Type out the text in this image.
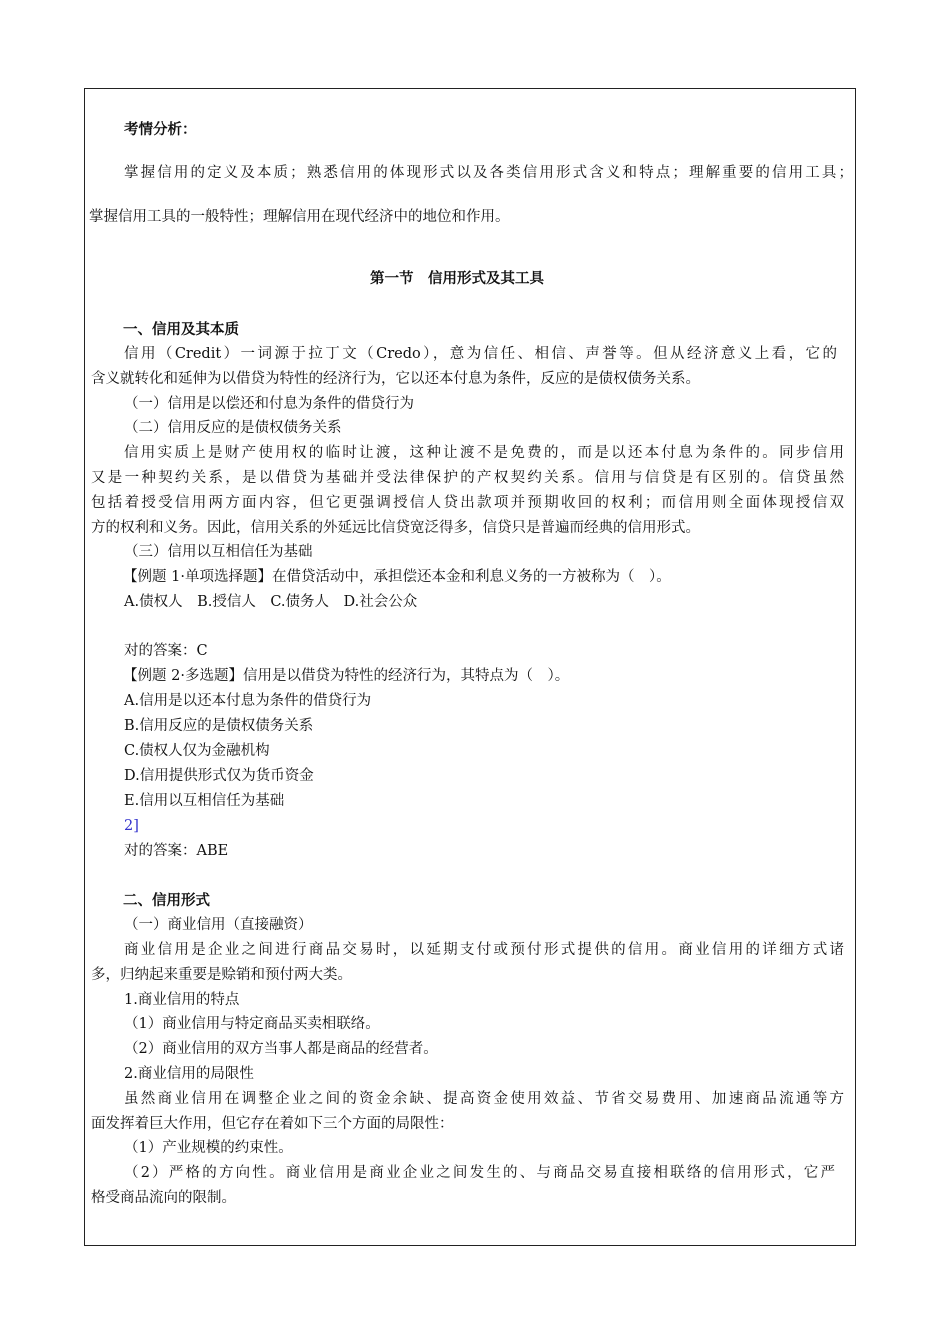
考情分析：
掌握信用的定义及本质；熟悉信用的体现形式以及各类信用形式含义和特点；理解重要的信用工具；
掌握信用工具的一般特性；理解信用在现代经济中的地位和作用。
第一节　信用形式及其工具
一、信用及其本质
信用（Credit）一词源于拉丁文（Credo），意为信任、相信、声誉等。但从经济意义上看，它的
含义就转化和延伸为以借贷为特性的经济行为，它以还本付息为条件，反应的是债权债务关系。
（一）信用是以偿还和付息为条件的借贷行为
（二）信用反应的是债权债务关系
信用实质上是财产使用权的临时让渡，这种让渡不是免费的，而是以还本付息为条件的。同步信用
又是一种契约关系，是以借贷为基础并受法律保护的产权契约关系。信用与信贷是有区别的。信贷虽然
包括着授受信用两方面内容，但它更强调授信人贷出款项并预期收回的权利；而信用则全面体现授信双
方的权利和义务。因此，信用关系的外延远比信贷宽泛得多，信贷只是普遍而经典的信用形式。
（三）信用以互相信任为基础
【例题 1·单项选择题】在借贷活动中，承担偿还本金和利息义务的一方被称为（　）。
A.债权人　B.授信人　C.债务人　D.社会公众
对的答案：C
【例题 2·多选题】信用是以借贷为特性的经济行为，其特点为（　）。
A.信用是以还本付息为条件的借贷行为
B.信用反应的是债权债务关系
C.债权人仅为金融机构
D.信用提供形式仅为货币资金
E.信用以互相信任为基础
2]
对的答案：ABE
二、信用形式
（一）商业信用（直接融资）
商业信用是企业之间进行商品交易时，以延期支付或预付形式提供的信用。商业信用的详细方式诸
多，归纳起来重要是赊销和预付两大类。
1.商业信用的特点
（1）商业信用与特定商品买卖相联络。
（2）商业信用的双方当事人都是商品的经营者。
2.商业信用的局限性
虽然商业信用在调整企业之间的资金余缺、提高资金使用效益、节省交易费用、加速商品流通等方
面发挥着巨大作用，但它存在着如下三个方面的局限性：
（1）产业规模的约束性。
（2）严格的方向性。商业信用是商业企业之间发生的、与商品交易直接相联络的信用形式，它严
格受商品流向的限制。
